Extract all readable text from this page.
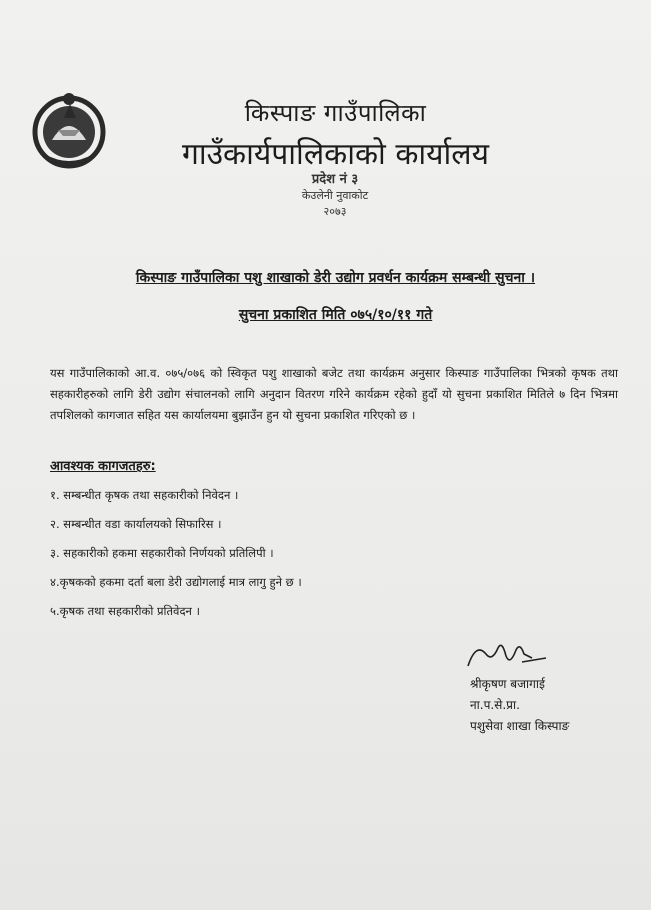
किस्पाङ गाउँपालिका
गाउँकार्यपालिकाको कार्यालय
प्रदेश नं ३
केउलेनी नुवाकोट
२०७३
किस्पाङ गाउँपालिका पशु शाखाको डेरी उद्योग प्रवर्धन कार्यक्रम सम्बन्धी सुचना ।
सुचना प्रकाशित मिति ०७५/१०/११ गते
यस गाउँपालिकाको आ.व. ०७५/०७६ को स्विकृत पशु शाखाको बजेट तथा कार्यक्रम अनुसार किस्पाङ गाउँपालिका भित्रको कृषक तथा सहकारीहरुको लागि डेरी उद्योग संचालनको लागि अनुदान वितरण गरिने कार्यक्रम रहेको हुदाँ यो सुचना प्रकाशित मितिले ७ दिन भित्रमा तपशिलको कागजात सहित यस कार्यालयमा बुझाउँन हुन यो सुचना प्रकाशित गरिएको छ ।
आवश्यक कागजतहरु:
१. सम्बन्धीत कृषक तथा सहकारीको निवेदन ।
२. सम्बन्धीत वडा कार्यालयको सिफारिस ।
३. सहकारीको हकमा सहकारीको निर्णयको प्रतिलिपी ।
४.कृषकको हकमा दर्ता बला डेरी उद्योगलाई मात्र लागु हुने छ ।
५.कृषक तथा सहकारीको प्रतिवेदन ।
श्रीकृषण बजागाई
ना.प.से.प्रा.
पशुसेवा शाखा किस्पाङ
